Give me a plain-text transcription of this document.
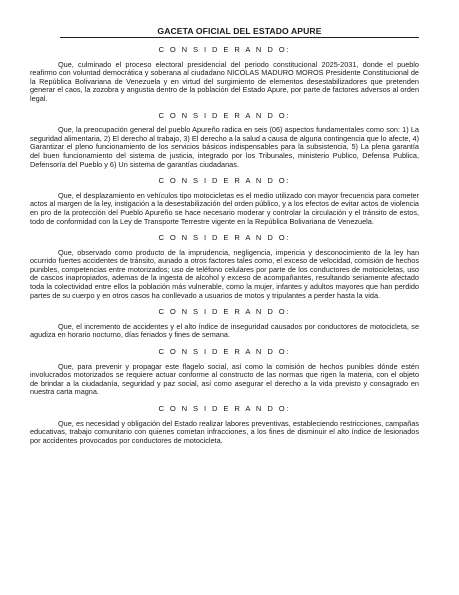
GACETA OFICIAL DEL ESTADO APURE
C O N S I D E R A N D O:

Que, culminado el proceso electoral presidencial del periodo constitucional 2025-2031, donde el pueblo reafirmo con voluntad democrática y soberana al ciudadano NICOLAS MADURO MOROS Presidente Constitucional de la República Bolivariana de Venezuela y en virtud del surgimiento de elementos desestabilizadores que pretenden generar el caos, la zozobra y angustia dentro de la población del Estado Apure, por parte de factores adversos al orden legal.

C O N S I D E R A N D O:

Que, la preocupación general del pueblo Apureño radica en seis (06) aspectos fundamentales como son: 1) La seguridad alimentaria, 2) El derecho al trabajo, 3) El derecho a la salud a causa de alguna contingencia que lo afecte, 4) Garantizar el pleno funcionamiento de los servicios básicos indispensables para la subsistencia, 5) La plena garantía del buen funcionamiento del sistema de justicia, integrado por los Tribunales, ministerio Publico, Defensa Publica, Defensoría del Pueblo y 6) Un sistema de garantías ciudadanas.

C O N S I D E R A N D O:

Que, el desplazamiento en vehículos tipo motocicletas es el medio utilizado con mayor frecuencia para cometer actos al margen de la ley, instigación a la desestabilización del orden público, y a los efectos de evitar actos de violencia en pro de la protección del Pueblo Apureño se hace necesario moderar y controlar la circulación y el tránsito de estos, todo de conformidad con la Ley de Transporte Terrestre vigente en la República Bolivariana de Venezuela.

C O N S I D E R A N D O:

Que, observado como producto de la imprudencia, negligencia, impericia y desconocimiento de la ley han ocurrido fuertes accidentes de tránsito, aunado a otros factores tales como, el exceso de velocidad, comisión de hechos punibles, competencias entre motorizados; uso de teléfono celulares por parte de los conductores de motocicletas, uso de cascos inapropiados, ademas de la ingesta de alcohol y exceso de acompañantes, resultando seriamente afectado toda la colectividad entre ellos la población más vulnerable, como la mujer, infantes y adultos mayores que han perdido partes de su cuerpo y en otros casos ha conllevado a usuarios de motos y tripulantes a perder hasta la vida.

C O N S I D E R A N D O:

Que, el incremento de accidentes y el alto índice de inseguridad causados por conductores de motocicleta, se agudiza en horario nocturno, días feriados y fines de semana.

C O N S I D E R A N D O:

Que, para prevenir y propagar este flagelo social, así como la comisión de hechos punibles dónde estén involucrados motorizados se requiere actuar conforme al constructo de las normas que rigen la materia, con el objeto de brindar a la ciudadanía, seguridad y paz social, así como asegurar el derecho a la vida previsto y consagrado en nuestra carta magna.

C O N S I D E R A N D O:

Que, es necesidad y obligación del Estado realizar labores preventivas, estableciendo restricciones, campañas educativas, trabajo comunitario con quienes cometan infracciones, a los fines de disminuir el alto índice de lesionados por accidentes provocados por conductores de motocicleta.
